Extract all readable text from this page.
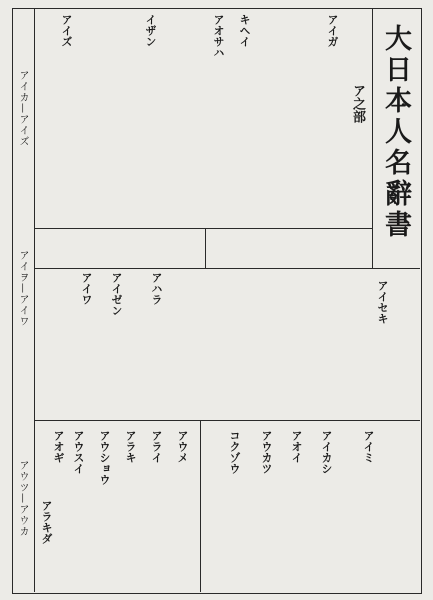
大日本人名辭書
ア之部
アイガ
キヘイ
アオサハ
イザン
アイズ
アイセキ
アハラ
アイゼン
アイワ
アイミ
アイカシ
アオイ
アウカツ
コクゾウ
アウメ
アライ
アラキ
アウショウ
アウスイ
アオギ
アラキダ
アイカ—アイズ
アイヲ—アイワ
アウツ—アウカ
